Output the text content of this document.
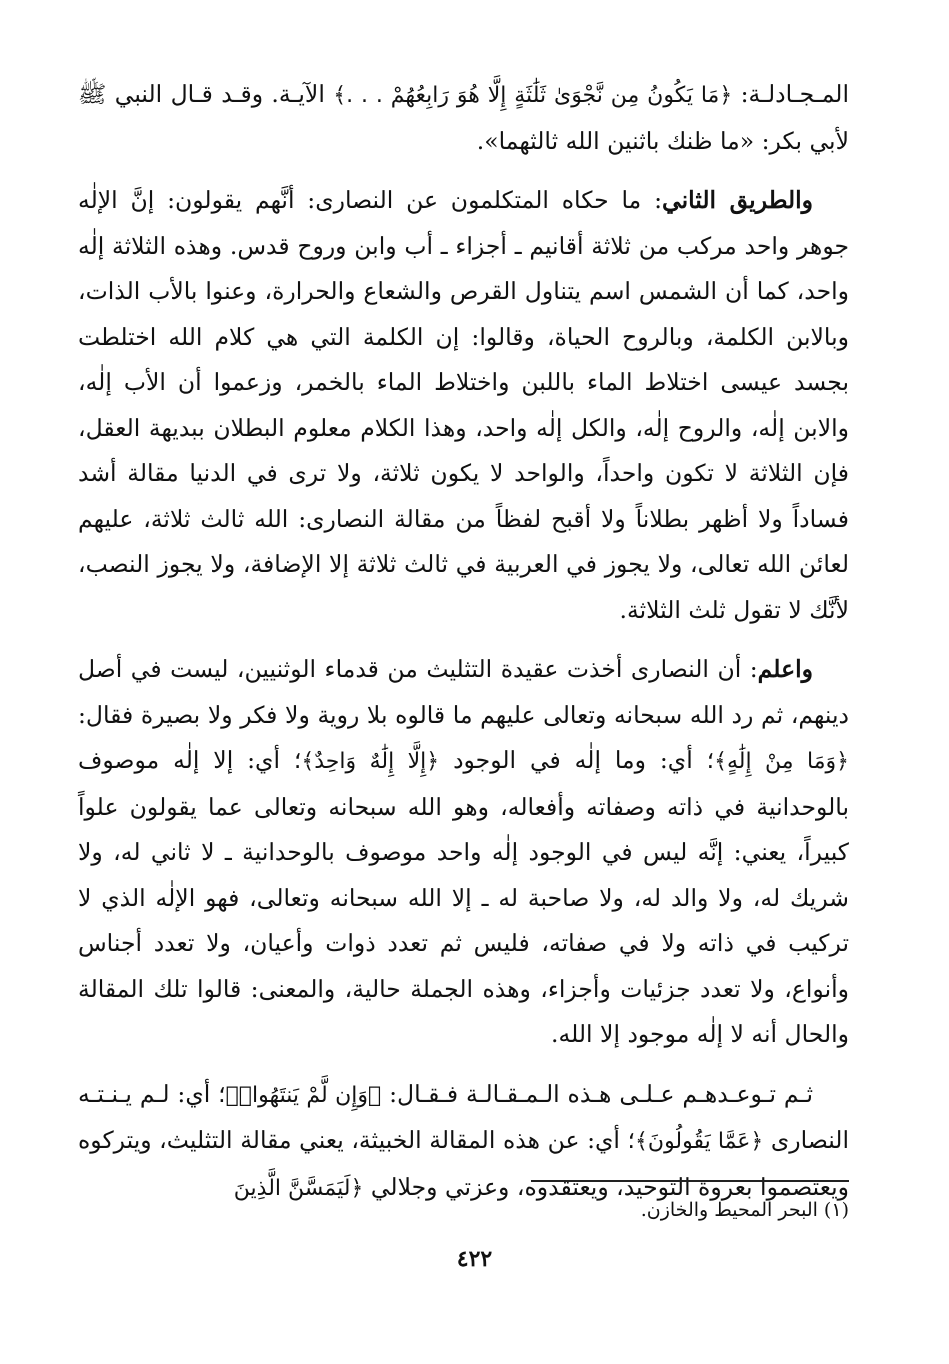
المـجـادلـة: ﴿مَا يَكُونُ مِن نَّجْوَىٰ ثَلَٰثَةٍ إِلَّا هُوَ رَابِعُهُمْ . . .﴾ الآيـة. وقـد قـال النبي ﷺ لأبي بكر: «ما ظنك باثنين الله ثالثهما».

والطريق الثاني: ما حكاه المتكلمون عن النصارى: أنَّهم يقولون: إنَّ الإلٰه جوهر واحد مركب من ثلاثة أقانيم ـ أجزاء ـ أب وابن وروح قدس. وهذه الثلاثة إلٰه واحد، كما أن الشمس اسم يتناول القرص والشعاع والحرارة، وعنوا بالأب الذات، وبالابن الكلمة، وبالروح الحياة، وقالوا: إن الكلمة التي هي كلام الله اختلطت بجسد عيسى اختلاط الماء باللبن واختلاط الماء بالخمر، وزعموا أن الأب إلٰه، والابن إلٰه، والروح إلٰه، والكل إلٰه واحد، وهذا الكلام معلوم البطلان ببديهة العقل، فإن الثلاثة لا تكون واحداً، والواحد لا يكون ثلاثة، ولا ترى في الدنيا مقالة أشد فساداً ولا أظهر بطلاناً ولا أقبح لفظاً من مقالة النصارى: الله ثالث ثلاثة، عليهم لعائن الله تعالى، ولا يجوز في العربية في ثالث ثلاثة إلا الإضافة، ولا يجوز النصب، لأنَّك لا تقول ثلث الثلاثة.

واعلم: أن النصارى أخذت عقيدة التثليث من قدماء الوثنيين، ليست في أصل دينهم، ثم رد الله سبحانه وتعالى عليهم ما قالوه بلا روية ولا فكر ولا بصيرة فقال: ﴿وَمَا مِنْ إِلَٰهٍ﴾؛ أي: وما إلٰه في الوجود ﴿إِلَّا إِلَٰهٌ وَاحِدٌ﴾؛ أي: إلا إلٰه موصوف بالوحدانية في ذاته وصفاته وأفعاله، وهو الله سبحانه وتعالى عما يقولون علواً كبيراً، يعني: إنَّه ليس في الوجود إلٰه واحد موصوف بالوحدانية ـ لا ثاني له، ولا شريك له، ولا والد له، ولا صاحبة له ـ إلا الله سبحانه وتعالى، فهو الإلٰه الذي لا تركيب في ذاته ولا في صفاته، فليس ثم تعدد ذوات وأعيان، ولا تعدد أجناس وأنواع، ولا تعدد جزئيات وأجزاء، وهذه الجملة حالية، والمعنى: قالوا تلك المقالة والحال أنه لا إلٰه موجود إلا الله.

ثـم تـوعـدهـم عـلـى هـذه الـمـقـالـة فـقـال: ﴿وَإِن لَّمْ يَنتَهُوا۟﴾؛ أي: لـم يـنـتـه النصارى ﴿عَمَّا يَقُولُونَ﴾؛ أي: عن هذه المقالة الخبيثة، يعني مقالة التثليث، ويتركوه ويعتصموا بعروة التوحيد، ويعتقدوه، وعزتي وجلالي ﴿لَيَمَسَّنَّ الَّذِينَ

(١) البحر المحيط والخازن.
٤٢٢
